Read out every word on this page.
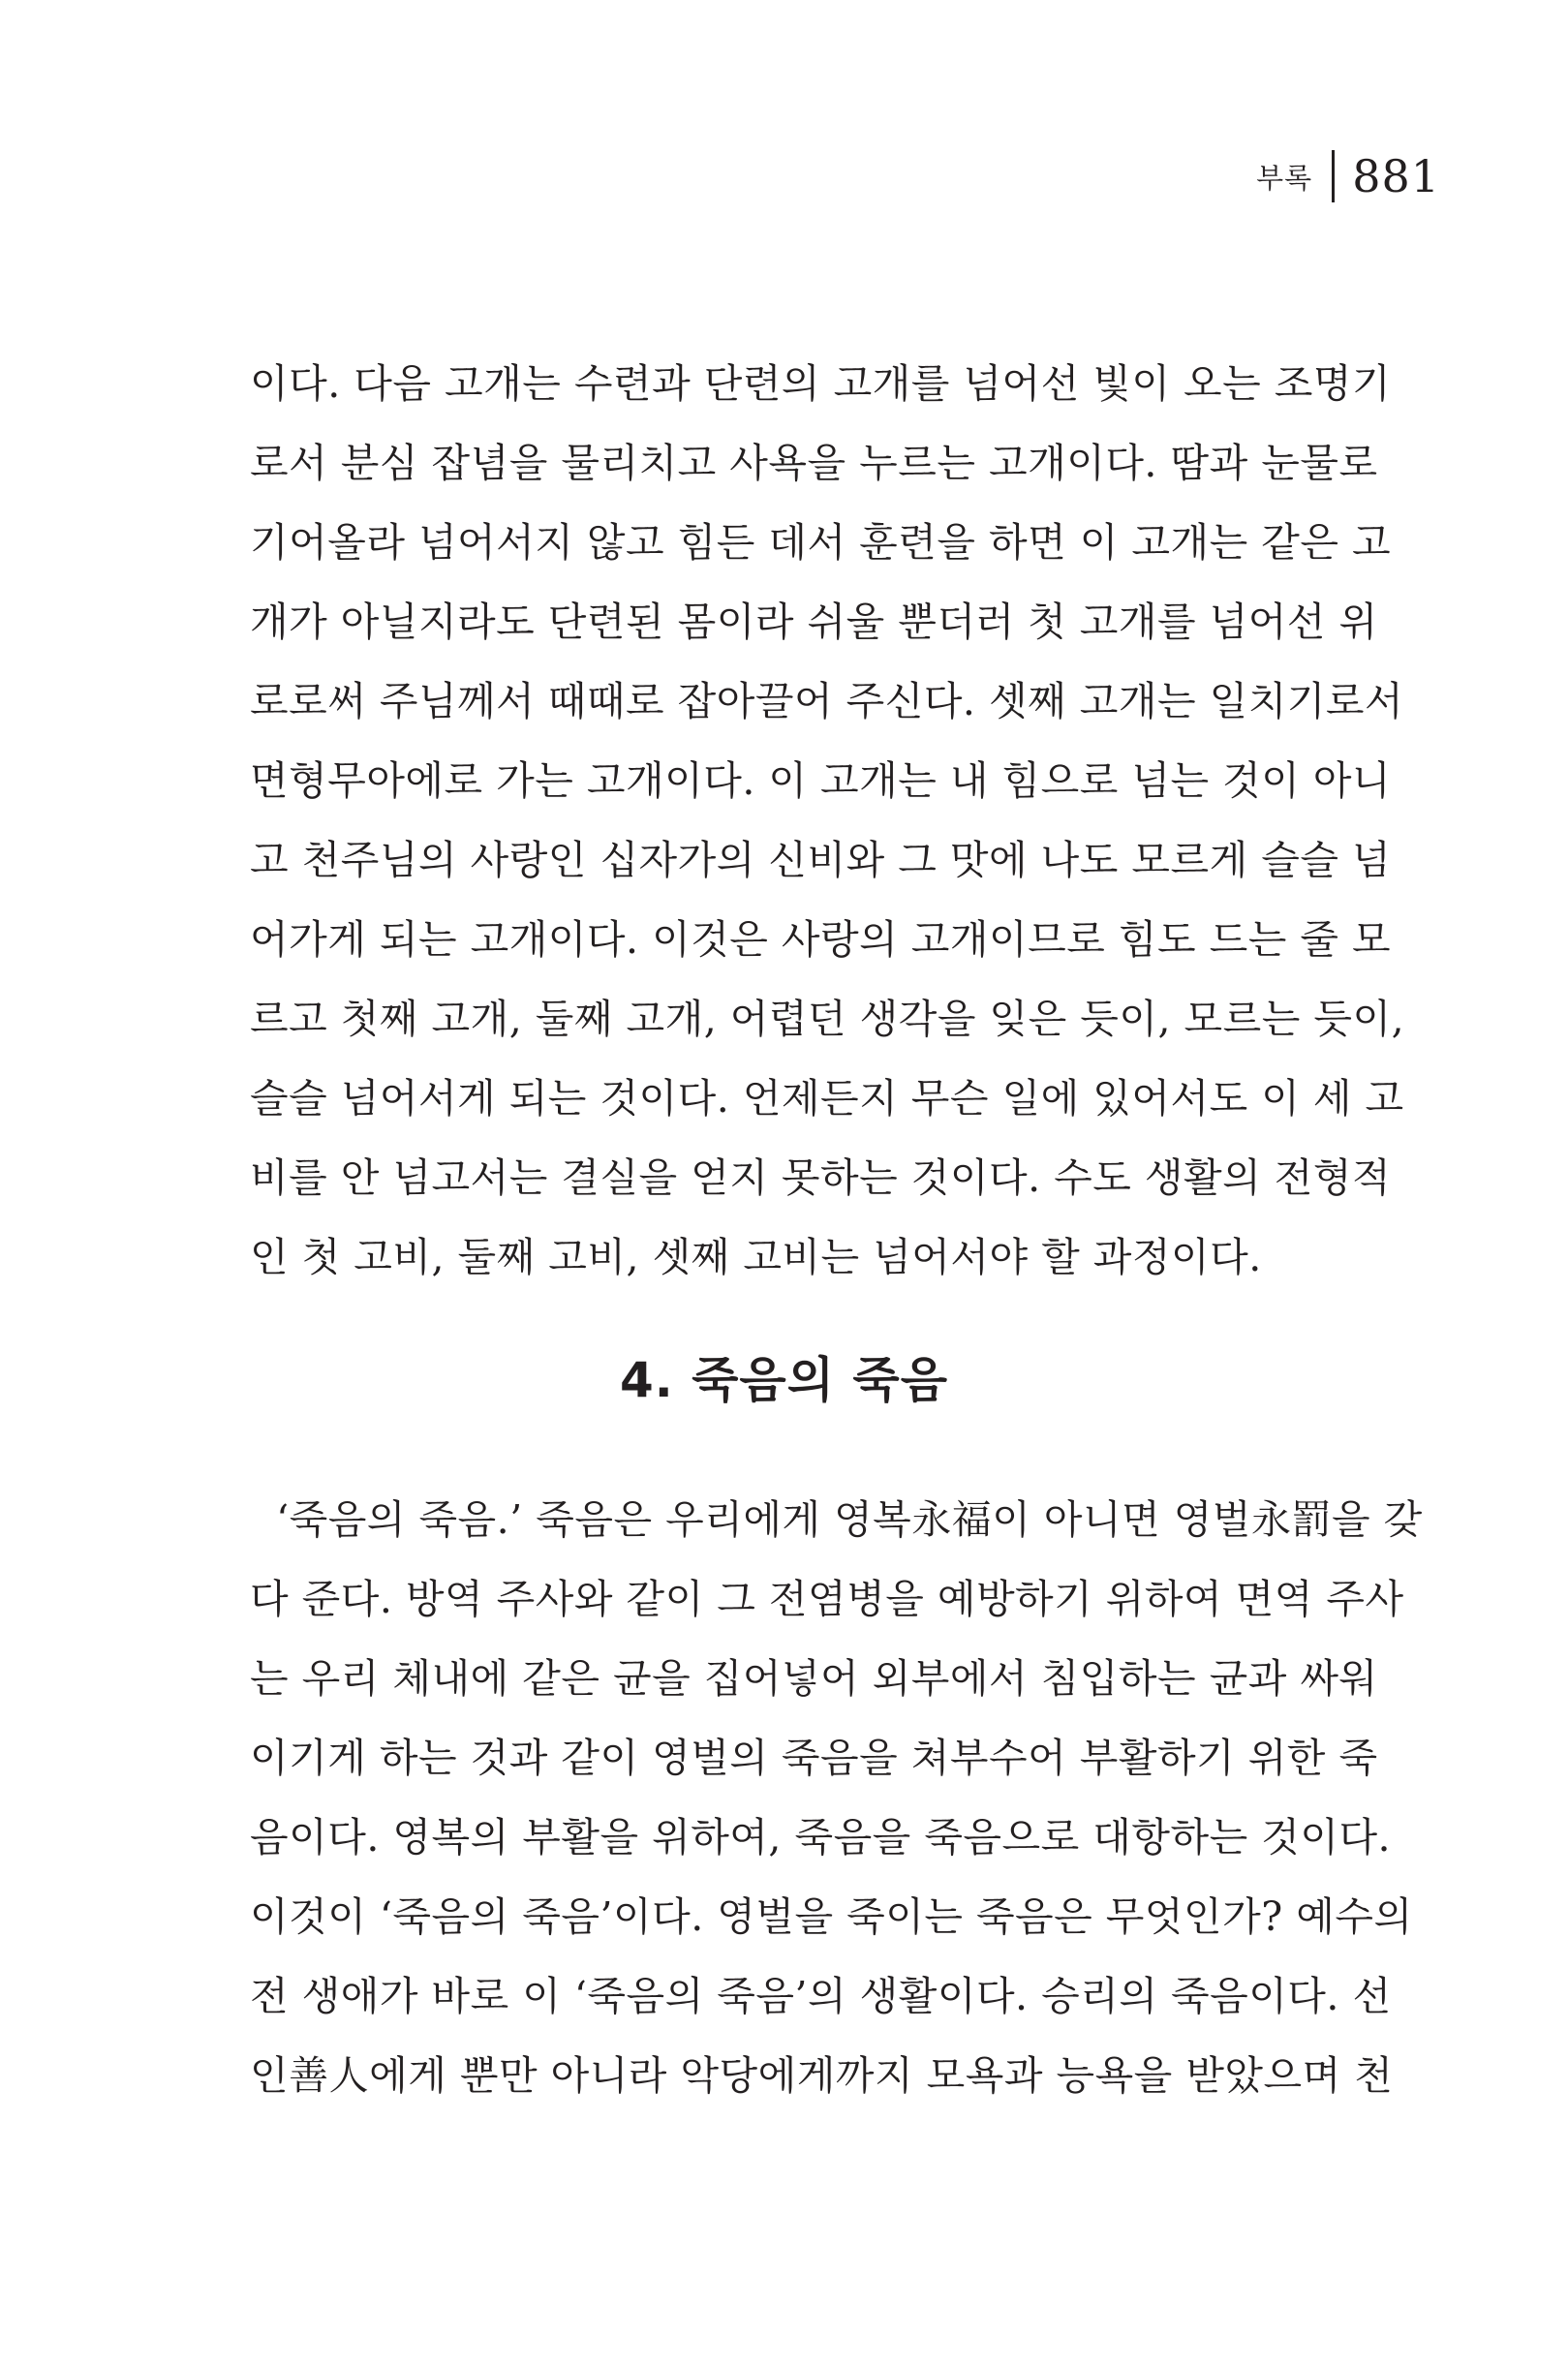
부록 881
이다. 다음 고개는 수련과 단련의 고개를 넘어선 빛이 오는 조명기
로서 분심 잡념을 물리치고 사욕을 누르는 고개이다. 땀과 눈물로
기어올라 넘어서지 않고 힘든 데서 훈련을 하면 이 고개는 같은 고
개가 아닐지라도 단련된 몸이라 쉬울 뿐더러 첫 고개를 넘어선 위
로로써 주님께서 때때로 잡아끌어 주신다. 셋째 고개는 일치기로서
면형무아에로 가는 고개이다. 이 고개는 내 힘으로 넘는 것이 아니
고 천주님의 사랑인 십자가의 신비와 그 맛에 나도 모르게 슬슬 넘
어가게 되는 고개이다. 이것은 사랑의 고개이므로 힘도 드는 줄 모
르고 첫째 고개, 둘째 고개, 어렵던 생각을 잊은 듯이, 모르는 듯이,
슬슬 넘어서게 되는 것이다. 언제든지 무슨 일에 있어서도 이 세 고
비를 안 넘고서는 결실을 얻지 못하는 것이다. 수도 생활의 전형적
인 첫 고비, 둘째 고비, 셋째 고비는 넘어서야 할 과정이다.
4. 죽음의 죽음
‘죽음의 죽음.’ 죽음은 우리에게 영복永福이 아니면 영벌永罰을 갖
다 준다. 방역 주사와 같이 그 전염병을 예방하기 위하여 면역 주사
는 우리 체내에 같은 균을 집어넣어 외부에서 침입하는 균과 싸워
이기게 하는 것과 같이 영벌의 죽음을 쳐부수어 부활하기 위한 죽
음이다. 영복의 부활을 위하여, 죽음을 죽음으로 대항하는 것이다.
이것이 ‘죽음의 죽음’이다. 영벌을 죽이는 죽음은 무엇인가? 예수의
전 생애가 바로 이 ‘죽음의 죽음’의 생활이다. 승리의 죽음이다. 선
인善人에게 뿐만 아니라 악당에게까지 모욕과 능욕을 받았으며 천
